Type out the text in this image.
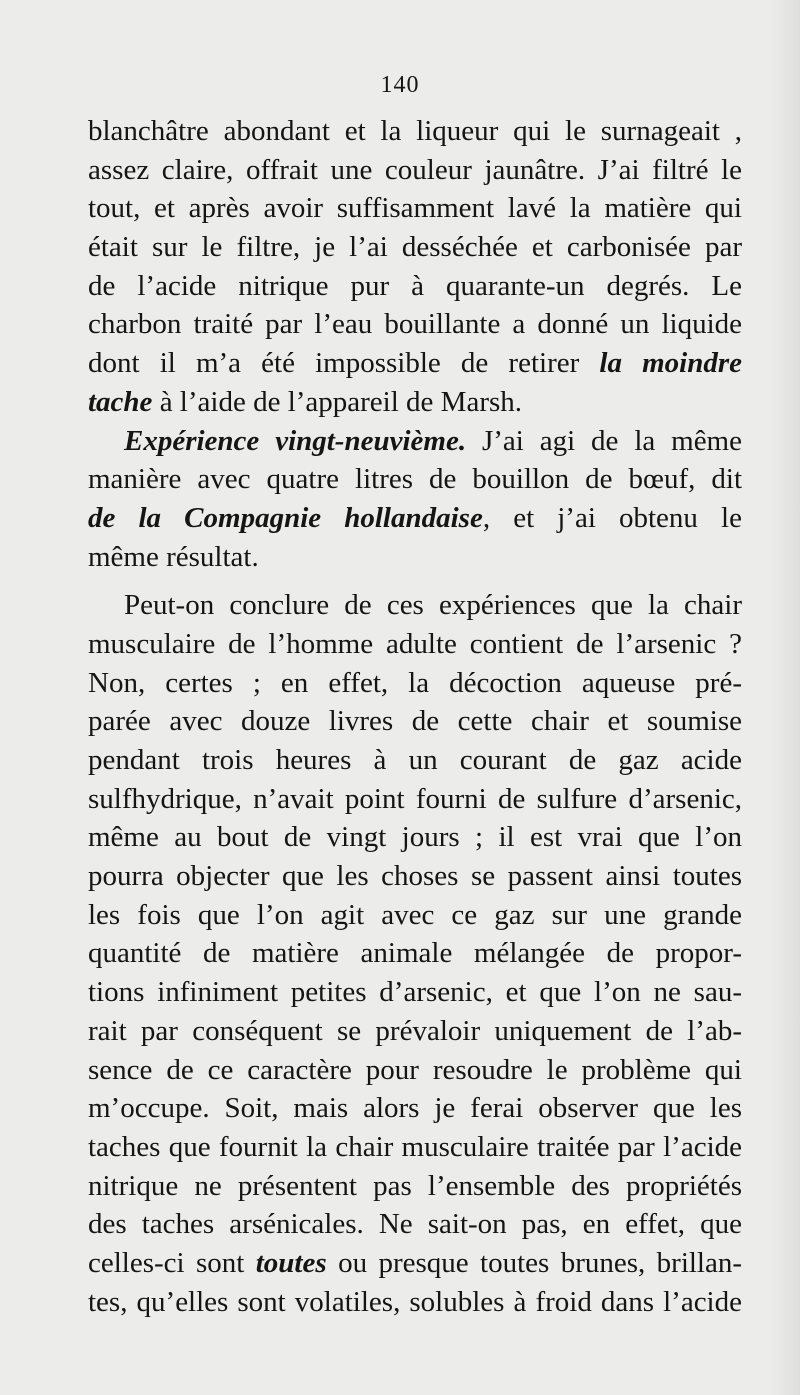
140
blanchâtre abondant et la liqueur qui le surnageait ,
assez claire, offrait une couleur jaunâtre. J’ai filtré le
tout, et après avoir suffisamment lavé la matière qui
était sur le filtre, je l’ai desséchée et carbonisée par
de l’acide nitrique pur à quarante-un degrés. Le
charbon traité par l’eau bouillante a donné un liquide
dont il m’a été impossible de retirer la moindre
tache à l’aide de l’appareil de Marsh.
Expérience vingt-neuvième. J’ai agi de la même
manière avec quatre litres de bouillon de bœuf, dit
de la Compagnie hollandaise, et j’ai obtenu le
même résultat.
Peut-on conclure de ces expériences que la chair
musculaire de l’homme adulte contient de l’arsenic ?
Non, certes ; en effet, la décoction aqueuse pré-
parée avec douze livres de cette chair et soumise
pendant trois heures à un courant de gaz acide
sulfhydrique, n’avait point fourni de sulfure d’arsenic,
même au bout de vingt jours ; il est vrai que l’on
pourra objecter que les choses se passent ainsi toutes
les fois que l’on agit avec ce gaz sur une grande
quantité de matière animale mélangée de propor-
tions infiniment petites d’arsenic, et que l’on ne sau-
rait par conséquent se prévaloir uniquement de l’ab-
sence de ce caractère pour resoudre le problème qui
m’occupe. Soit, mais alors je ferai observer que les
taches que fournit la chair musculaire traitée par l’acide
nitrique ne présentent pas l’ensemble des propriétés
des taches arsénicales. Ne sait-on pas, en effet, que
celles-ci sont toutes ou presque toutes brunes, brillan-
tes, qu’elles sont volatiles, solubles à froid dans l’acide
